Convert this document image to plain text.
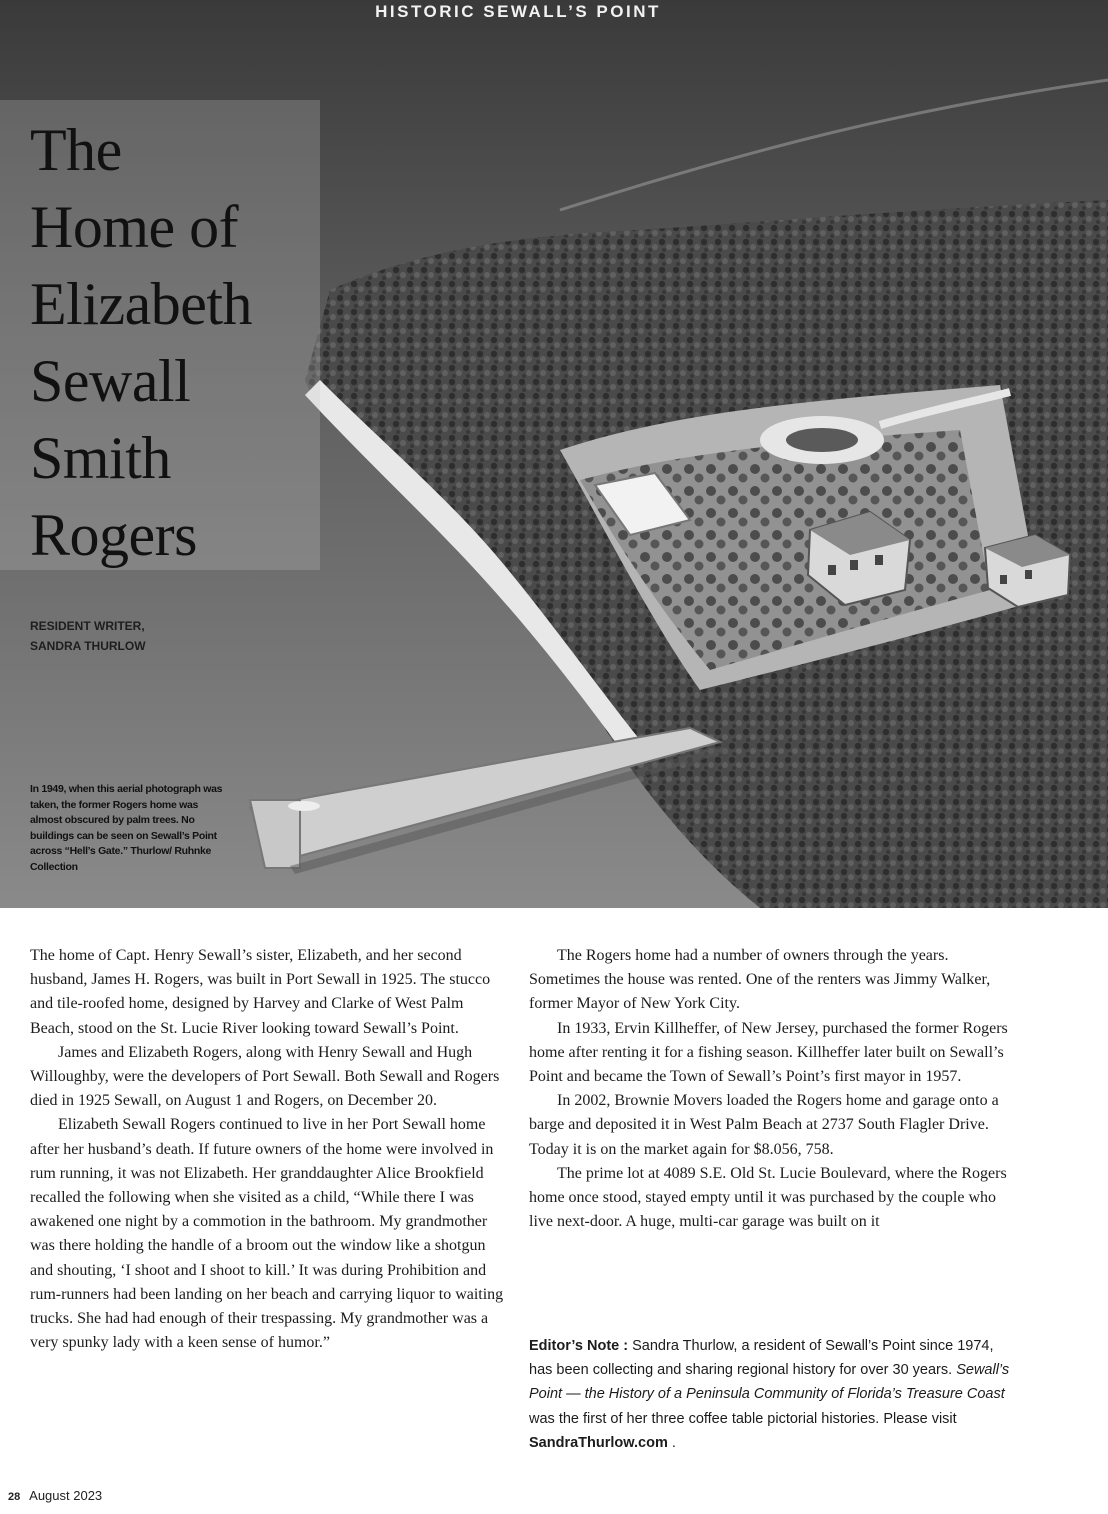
HISTORIC SEWALL’S POINT
The
Home of
Elizabeth
Sewall
Smith
Rogers
RESIDENT WRITER,
SANDRA THURLOW
In 1949, when this aerial photograph was taken, the former Rogers home was almost obscured by palm trees. No buildings can be seen on Sewall’s Point across “Hell’s Gate.” Thurlow/ Ruhnke Collection

The home of Capt. Henry Sewall’s sister, Elizabeth, and her second husband, James H. Rogers, was built in Port Sewall in 1925. The stucco and tile-roofed home, designed by Harvey and Clarke of West Palm Beach, stood on the St. Lucie River looking toward Sewall’s Point.

James and Elizabeth Rogers, along with Henry Sewall and Hugh Willoughby, were the developers of Port Sewall. Both Sewall and Rogers died in 1925 Sewall, on August 1 and Rogers, on December 20.

Elizabeth Sewall Rogers continued to live in her Port Sewall home after her husband’s death. If future owners of the home were involved in rum running, it was not Elizabeth. Her granddaughter Alice Brookfield recalled the following when she visited as a child, “While there I was awakened one night by a commotion in the bathroom. My grandmother was there holding the handle of a broom out the window like a shotgun and shouting, ‘I shoot and I shoot to kill.’ It was during Prohibition and rum-runners had been landing on her beach and carrying liquor to waiting trucks. She had had enough of their trespassing. My grandmother was a very spunky lady with a keen sense of humor.”

The Rogers home had a number of owners through the years. Sometimes the house was rented. One of the renters was Jimmy Walker, former Mayor of New York City.

In 1933, Ervin Killheffer, of New Jersey, purchased the former Rogers home after renting it for a fishing season. Killheffer later built on Sewall’s Point and became the Town of Sewall’s Point’s first mayor in 1957.

In 2002, Brownie Movers loaded the Rogers home and garage onto a barge and deposited it in West Palm Beach at 2737 South Flagler Drive. Today it is on the market again for $8.056, 758.

The prime lot at 4089 S.E. Old St. Lucie Boulevard, where the Rogers home once stood, stayed empty until it was purchased by the couple who live next-door. A huge, multi-car garage was built on it

Editor’s Note : Sandra Thurlow, a resident of Sewall’s Point since 1974, has been collecting and sharing regional history for over 30 years. Sewall’s Point — the History of a Peninsula Community of Florida’s Treasure Coast was the first of her three coffee table pictorial histories. Please visit SandraThurlow.com .
28 August 2023
